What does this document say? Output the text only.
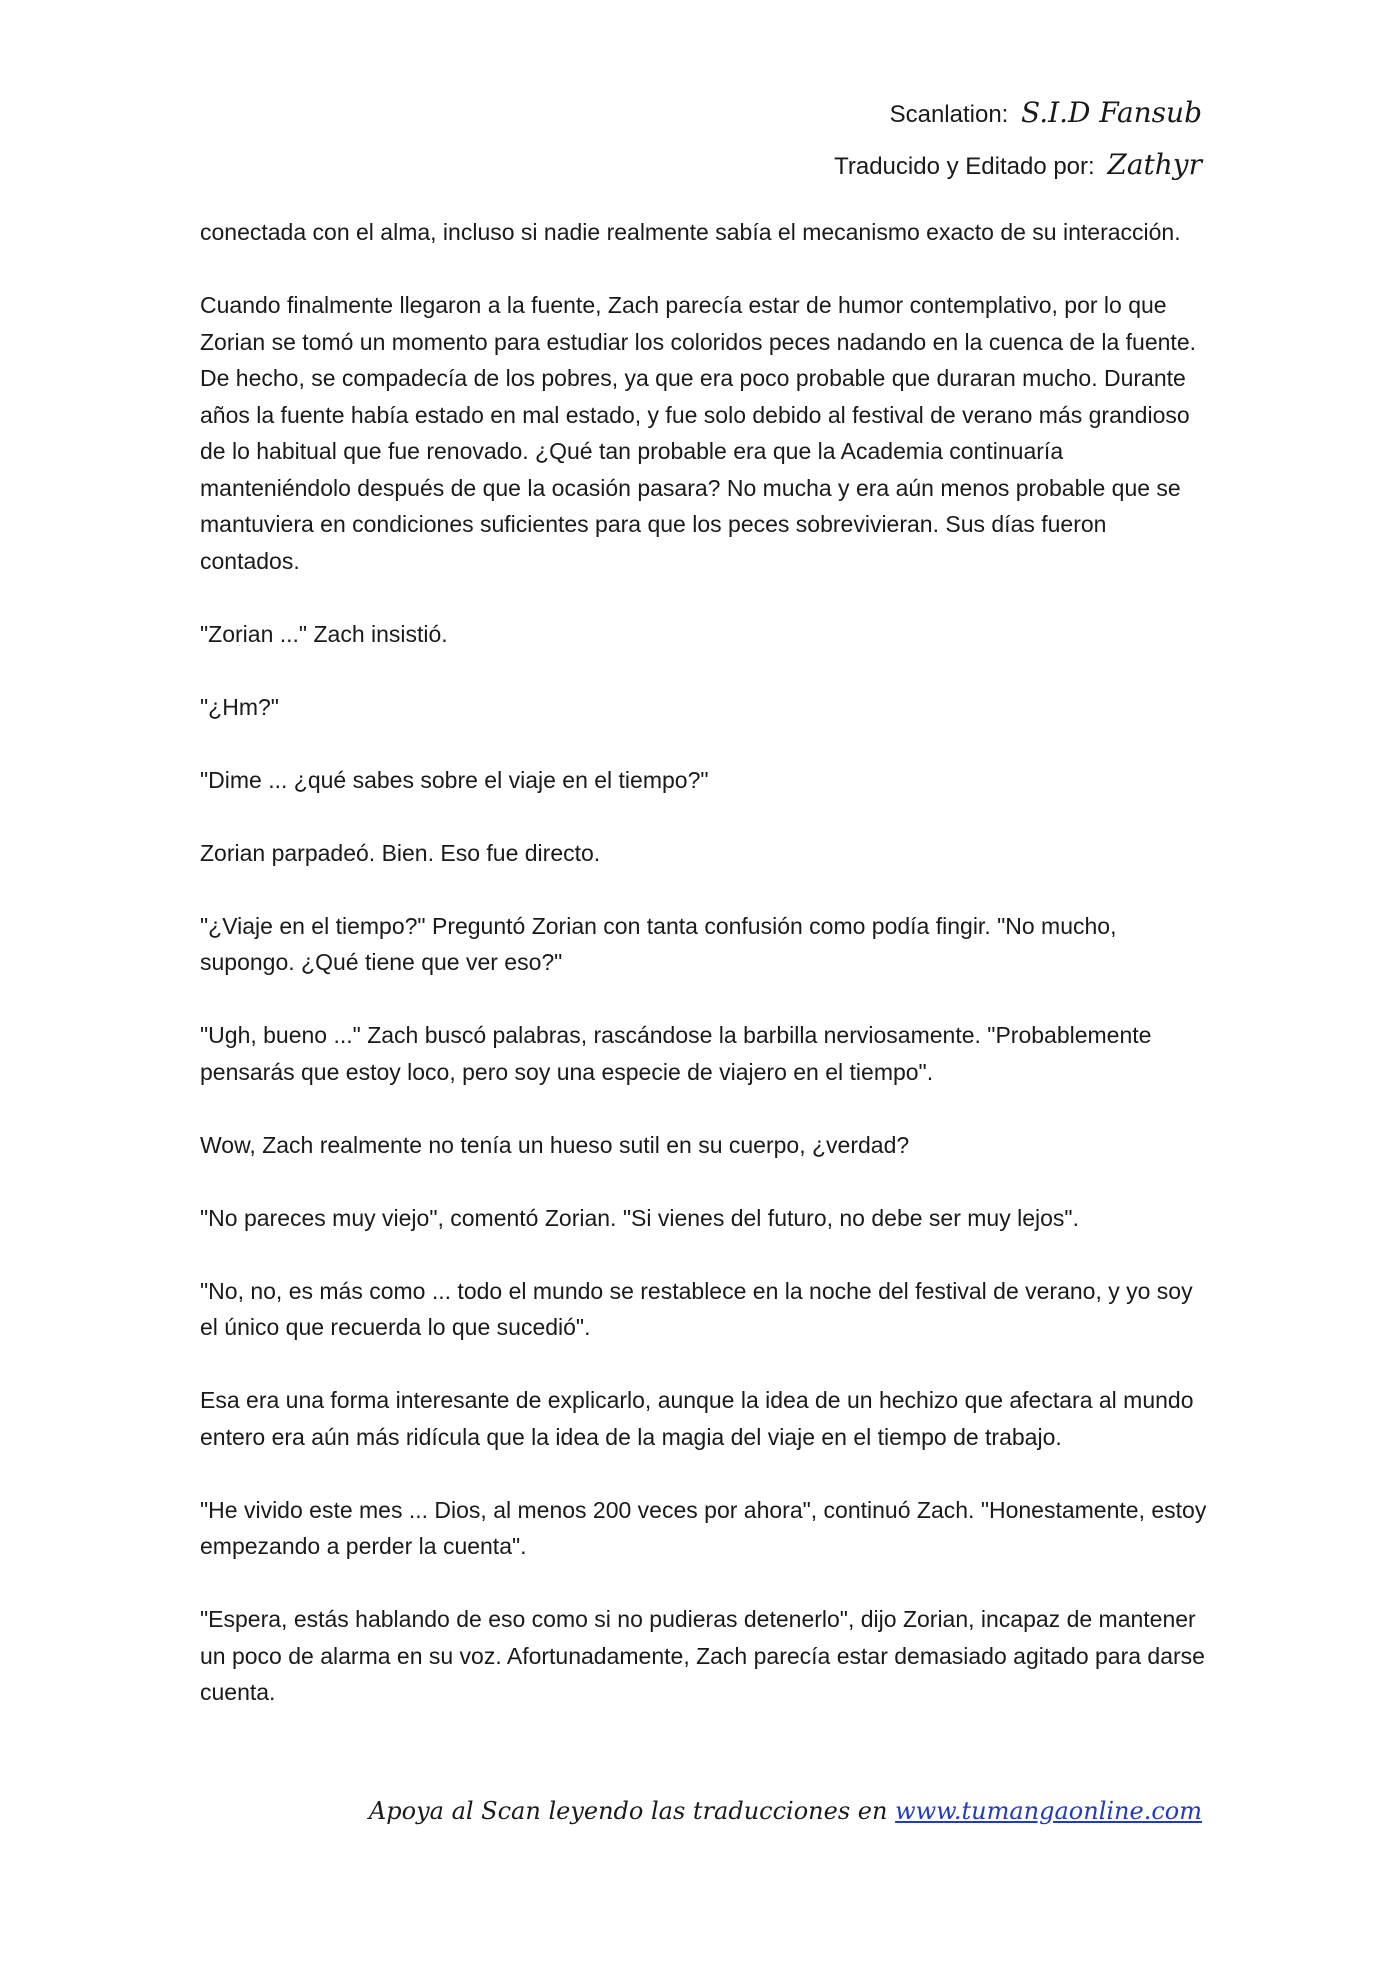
Scanlation: S.I.D Fansub
Traducido y Editado por: Zathyr

conectada con el alma, incluso si nadie realmente sabía el mecanismo exacto de su interacción.

Cuando finalmente llegaron a la fuente, Zach parecía estar de humor contemplativo, por lo que Zorian se tomó un momento para estudiar los coloridos peces nadando en la cuenca de la fuente. De hecho, se compadecía de los pobres, ya que era poco probable que duraran mucho. Durante años la fuente había estado en mal estado, y fue solo debido al festival de verano más grandioso de lo habitual que fue renovado. ¿Qué tan probable era que la Academia continuaría manteniéndolo después de que la ocasión pasara? No mucha y era aún menos probable que se mantuviera en condiciones suficientes para que los peces sobrevivieran. Sus días fueron contados.

"Zorian ..." Zach insistió.

"¿Hm?"

"Dime ... ¿qué sabes sobre el viaje en el tiempo?"

Zorian parpadeó. Bien. Eso fue directo.

"¿Viaje en el tiempo?" Preguntó Zorian con tanta confusión como podía fingir. "No mucho, supongo. ¿Qué tiene que ver eso?"

"Ugh, bueno ..." Zach buscó palabras, rascándose la barbilla nerviosamente. "Probablemente pensarás que estoy loco, pero soy una especie de viajero en el tiempo".

Wow, Zach realmente no tenía un hueso sutil en su cuerpo, ¿verdad?

"No pareces muy viejo", comentó Zorian. "Si vienes del futuro, no debe ser muy lejos".

"No, no, es más como ... todo el mundo se restablece en la noche del festival de verano, y yo soy el único que recuerda lo que sucedió".

Esa era una forma interesante de explicarlo, aunque la idea de un hechizo que afectara al mundo entero era aún más ridícula que la idea de la magia del viaje en el tiempo de trabajo.

"He vivido este mes ... Dios, al menos 200 veces por ahora", continuó Zach. "Honestamente, estoy empezando a perder la cuenta".

"Espera, estás hablando de eso como si no pudieras detenerlo", dijo Zorian, incapaz de mantener un poco de alarma en su voz. Afortunadamente, Zach parecía estar demasiado agitado para darse cuenta.

Apoya al Scan leyendo las traducciones en www.tumangaonline.com
